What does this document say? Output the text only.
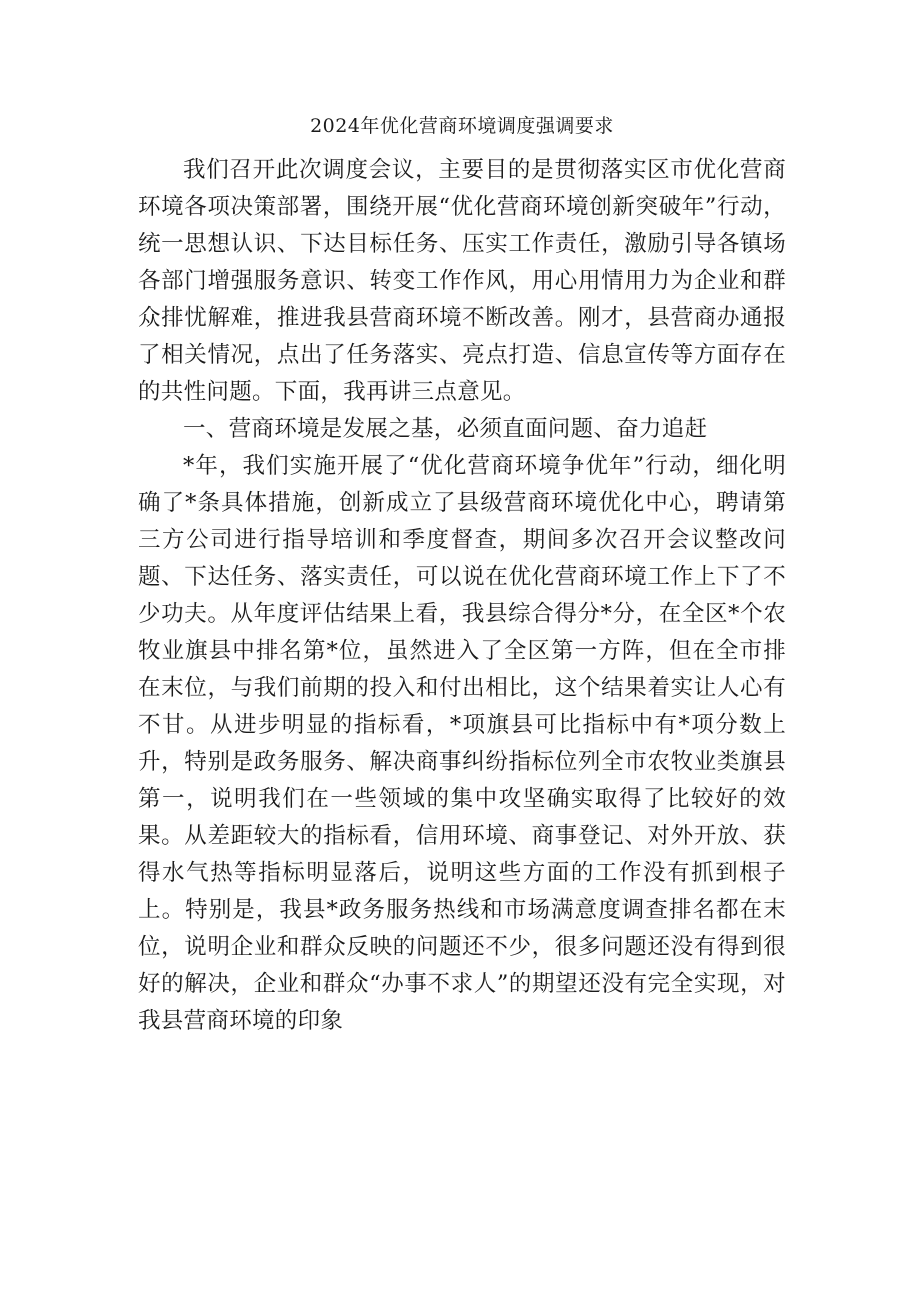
2024年优化营商环境调度强调要求

我们召开此次调度会议，主要目的是贯彻落实区市优化营商环境各项决策部署，围绕开展“优化营商环境创新突破年”行动，统一思想认识、下达目标任务、压实工作责任，激励引导各镇场各部门增强服务意识、转变工作作风，用心用情用力为企业和群众排忧解难，推进我县营商环境不断改善。刚才，县营商办通报了相关情况，点出了任务落实、亮点打造、信息宣传等方面存在的共性问题。下面，我再讲三点意见。

一、营商环境是发展之基，必须直面问题、奋力追赶

*年，我们实施开展了“优化营商环境争优年”行动，细化明确了*条具体措施，创新成立了县级营商环境优化中心，聘请第三方公司进行指导培训和季度督查，期间多次召开会议整改问题、下达任务、落实责任，可以说在优化营商环境工作上下了不少功夫。从年度评估结果上看，我县综合得分*分，在全区*个农牧业旗县中排名第*位，虽然进入了全区第一方阵，但在全市排在末位，与我们前期的投入和付出相比，这个结果着实让人心有不甘。从进步明显的指标看，*项旗县可比指标中有*项分数上升，特别是政务服务、解决商事纠纷指标位列全市农牧业类旗县第一，说明我们在一些领域的集中攻坚确实取得了比较好的效果。从差距较大的指标看，信用环境、商事登记、对外开放、获得水气热等指标明显落后，说明这些方面的工作没有抓到根子上。特别是，我县*政务服务热线和市场满意度调查排名都在末位，说明企业和群众反映的问题还不少，很多问题还没有得到很好的解决，企业和群众“办事不求人”的期望还没有完全实现，对我县营商环境的印象
